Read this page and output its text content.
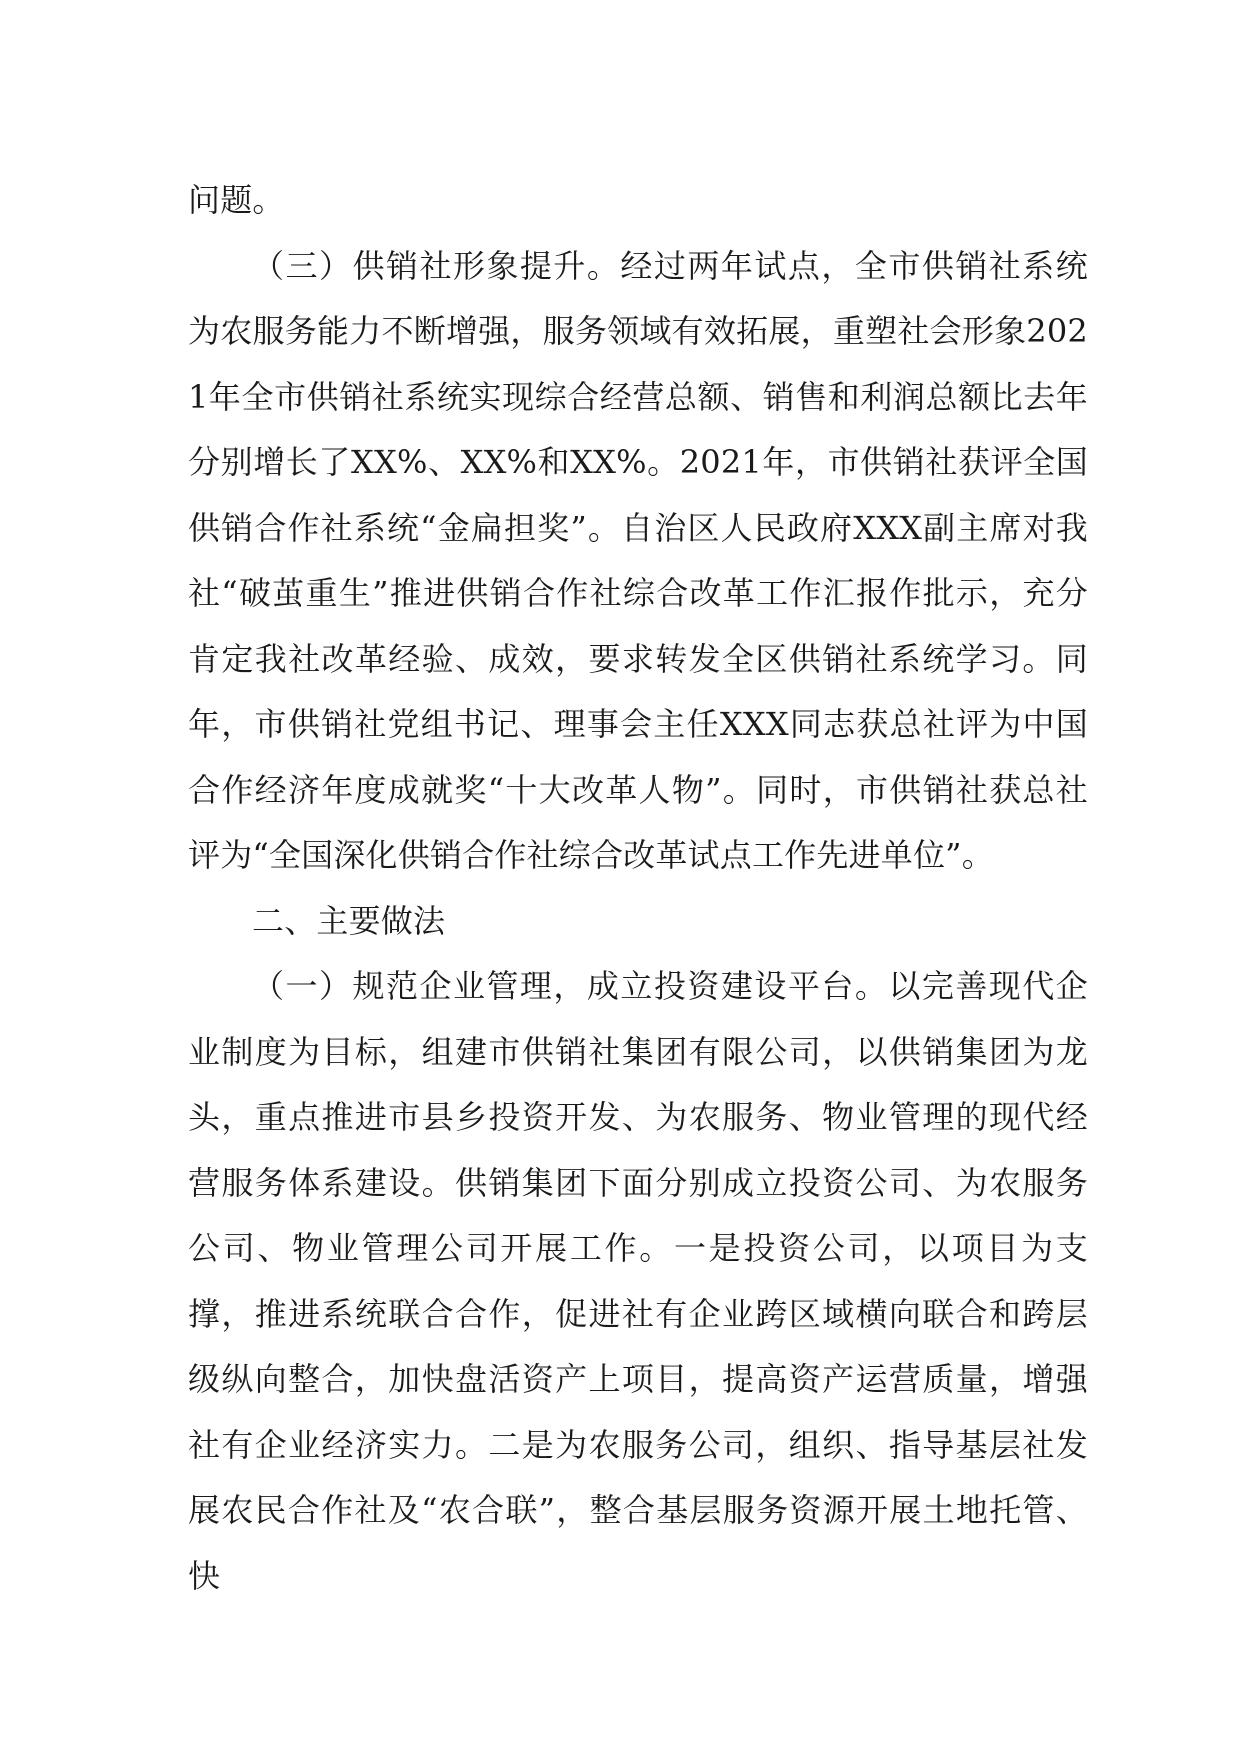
问题。

（三）供销社形象提升。经过两年试点，全市供销社系统为农服务能力不断增强，服务领域有效拓展，重塑社会形象2021年全市供销社系统实现综合经营总额、销售和利润总额比去年分别增长了XX%、XX%和XX%。2021年，市供销社获评全国供销合作社系统“金扁担奖”。自治区人民政府XXX副主席对我社“破茧重生”推进供销合作社综合改革工作汇报作批示，充分肯定我社改革经验、成效，要求转发全区供销社系统学习。同年，市供销社党组书记、理事会主任XXX同志获总社评为中国合作经济年度成就奖“十大改革人物”。同时，市供销社获总社评为“全国深化供销合作社综合改革试点工作先进单位”。

二、主要做法

（一）规范企业管理，成立投资建设平台。以完善现代企业制度为目标，组建市供销社集团有限公司，以供销集团为龙头，重点推进市县乡投资开发、为农服务、物业管理的现代经营服务体系建设。供销集团下面分别成立投资公司、为农服务公司、物业管理公司开展工作。一是投资公司，以项目为支撑，推进系统联合合作，促进社有企业跨区域横向联合和跨层级纵向整合，加快盘活资产上项目，提高资产运营质量，增强社有企业经济实力。二是为农服务公司，组织、指导基层社发展农民合作社及“农合联”，整合基层服务资源开展土地托管、快
